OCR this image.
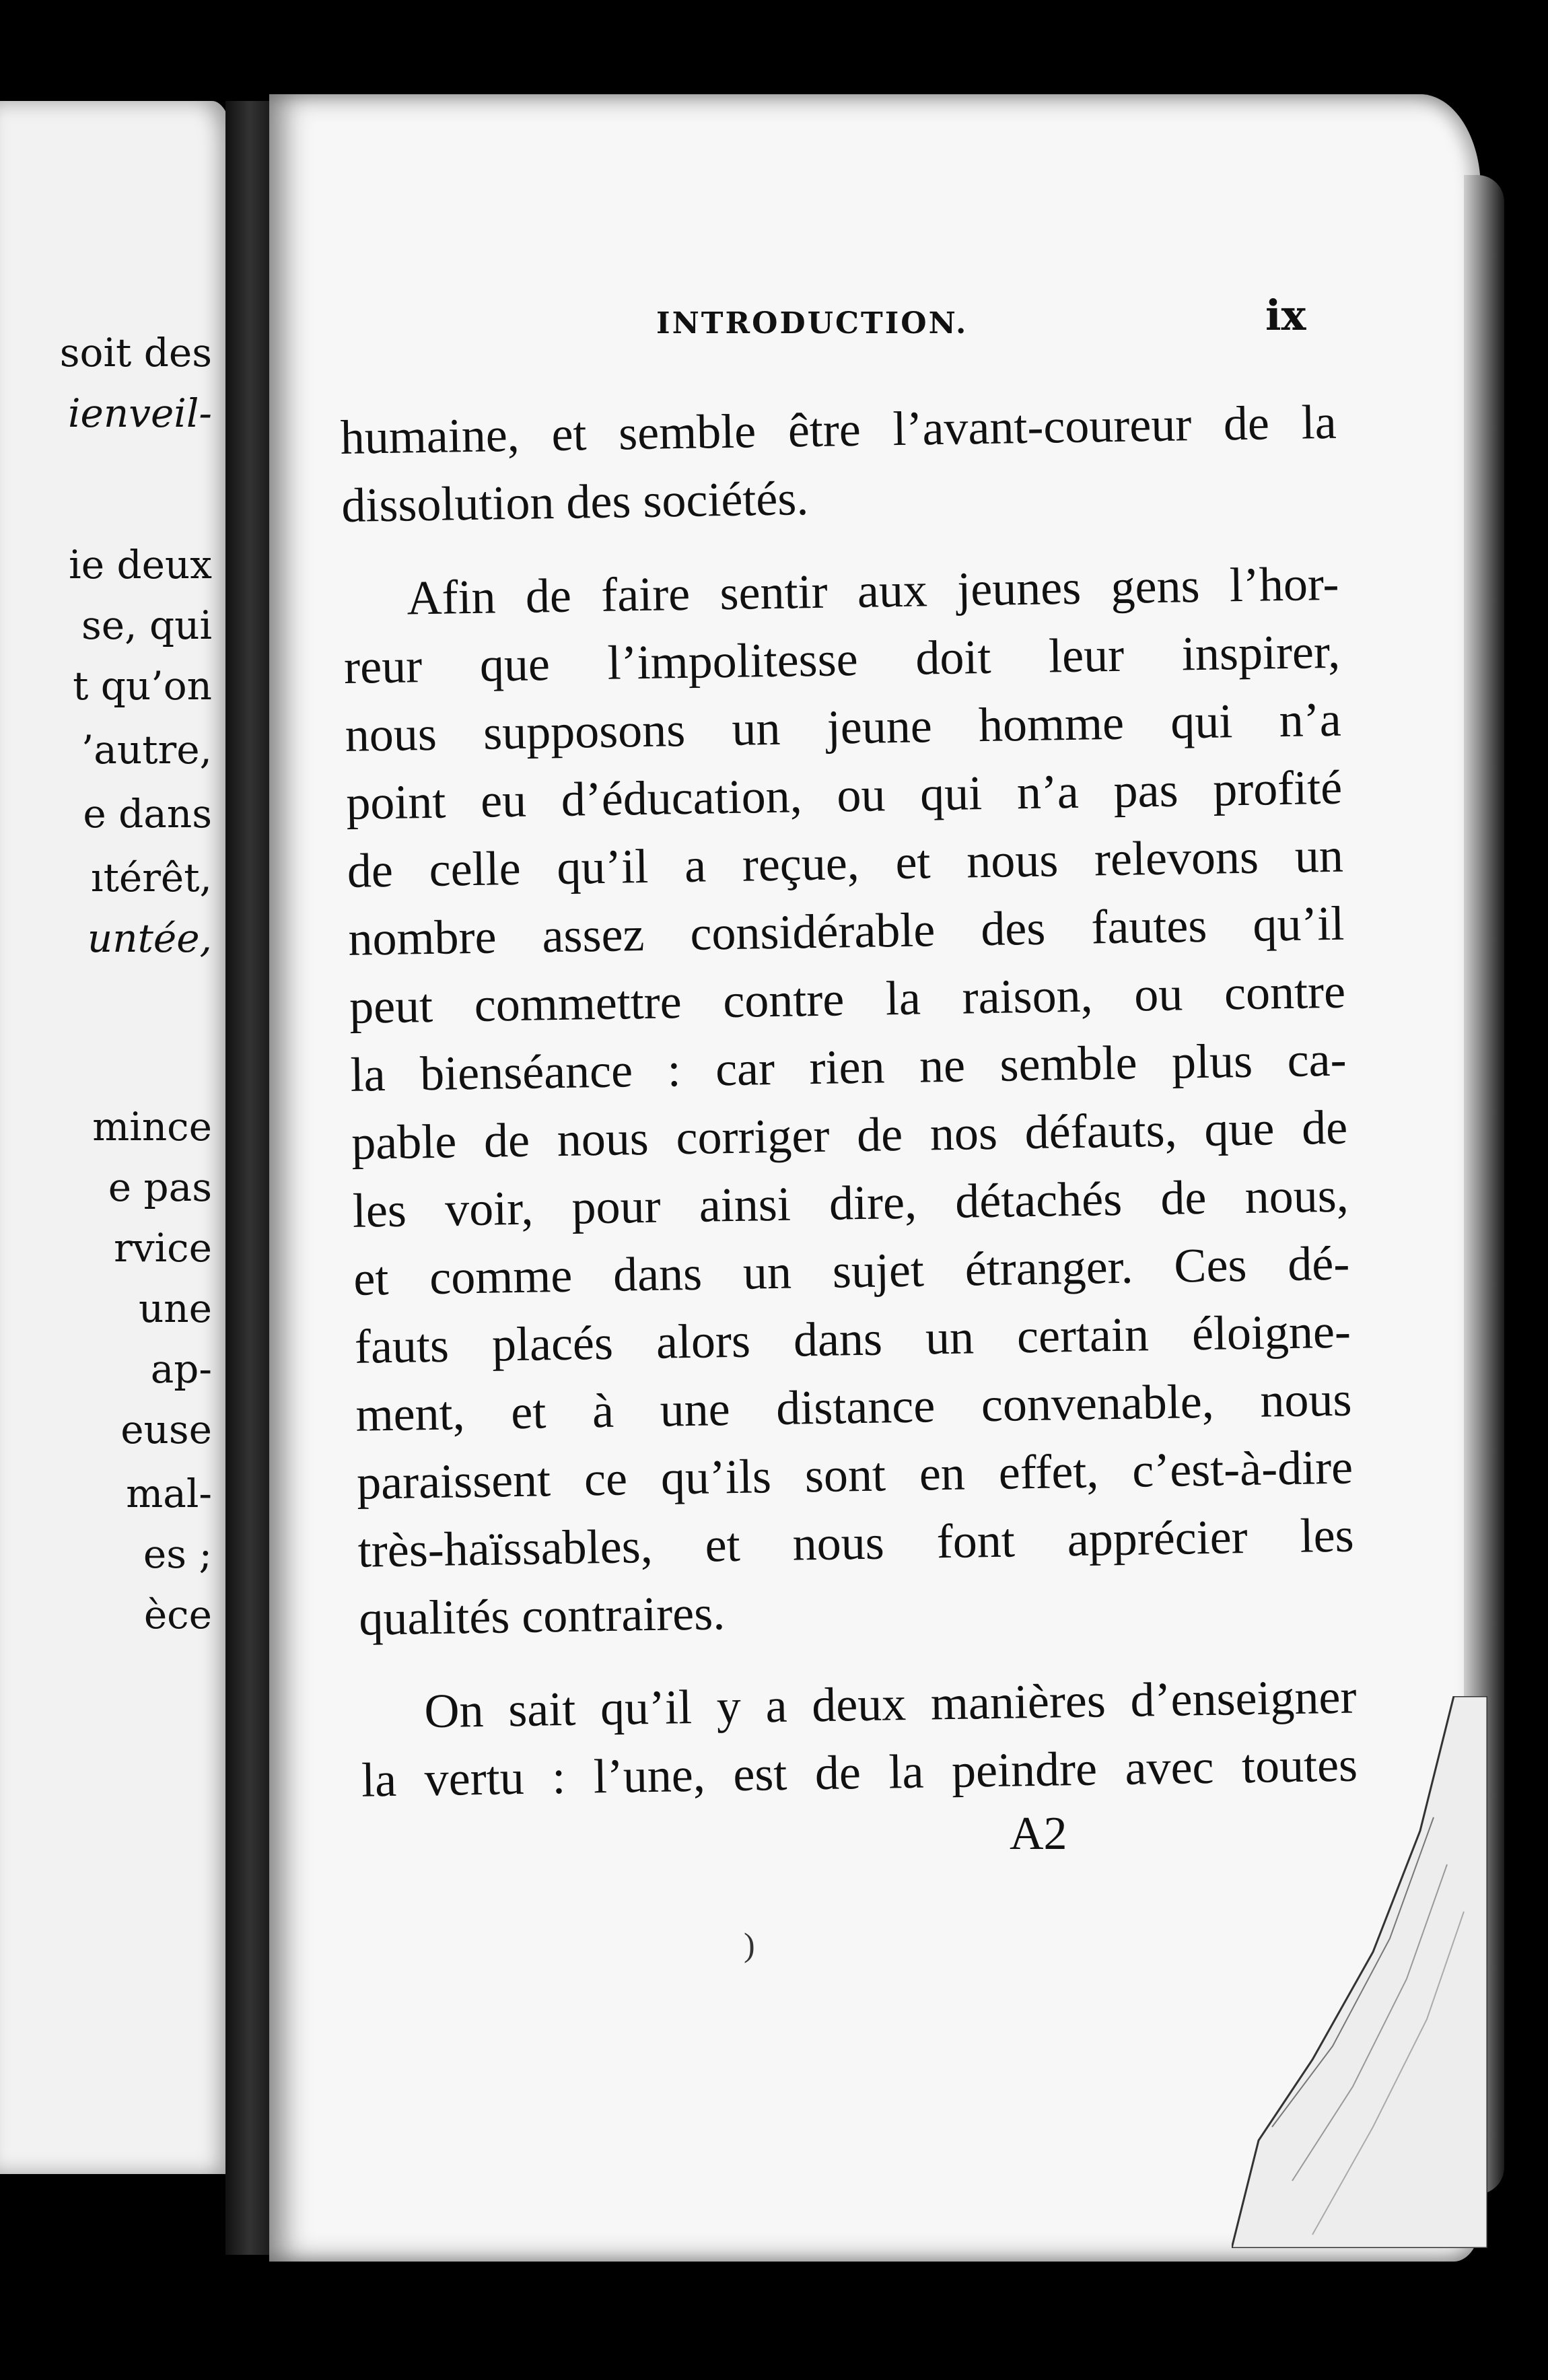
soit des
ienveil-
ie deux
se, qui
t qu’on
’autre,
e dans
ıtérêt,
untée,
mince
e pas
rvice
une
ap-
euse
mal-
es ;
èce
INTRODUCTION.	ix
humaine, et semble être l’avant-coureur de la
dissolution des sociétés.
Afin de faire sentir aux jeunes gens l’hor-
reur que l’impolitesse doit leur inspirer,
nous supposons un jeune homme qui n’a
point eu d’éducation, ou qui n’a pas profité
de celle qu’il a reçue, et nous relevons un
nombre assez considérable des fautes qu’il
peut commettre contre la raison, ou contre
la bienséance : car rien ne semble plus ca-
pable de nous corriger de nos défauts, que de
les voir, pour ainsi dire, détachés de nous,
et comme dans un sujet étranger. Ces dé-
fauts placés alors dans un certain éloigne-
ment, et à une distance convenable, nous
paraissent ce qu’ils sont en effet, c’est-à-dire
très-haïssables, et nous font apprécier les
qualités contraires.
On sait qu’il y a deux manières d’enseigner
la vertu : l’une, est de la peindre avec toutes
A2
)
